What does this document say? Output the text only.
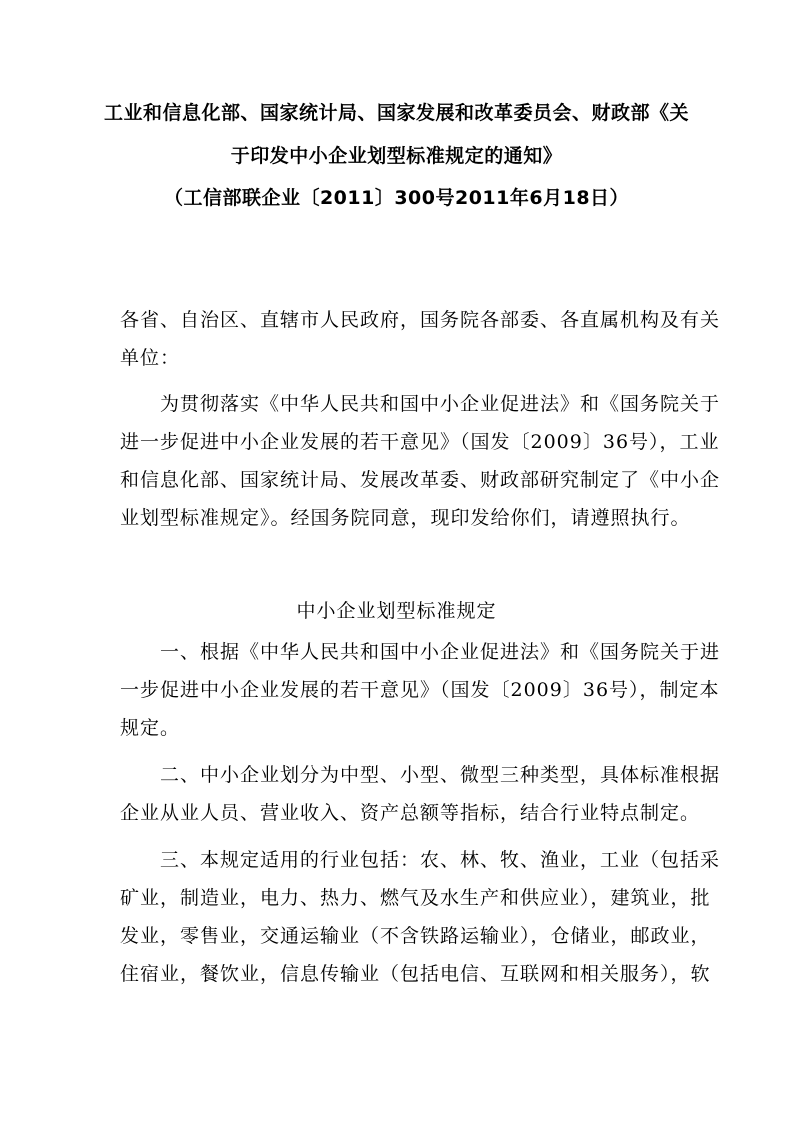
工业和信息化部、国家统计局、国家发展和改革委员会、财政部《关
于印发中小企业划型标准规定的通知》
（工信部联企业〔2011〕300号2011年6月18日）
各省、自治区、直辖市人民政府，国务院各部委、各直属机构及有关
单位：
　　为贯彻落实《中华人民共和国中小企业促进法》和《国务院关于
进一步促进中小企业发展的若干意见》（国发〔2009〕36号），工业
和信息化部、国家统计局、发展改革委、财政部研究制定了《中小企
业划型标准规定》。经国务院同意，现印发给你们，请遵照执行。
中小企业划型标准规定
　　一、根据《中华人民共和国中小企业促进法》和《国务院关于进
一步促进中小企业发展的若干意见》（国发〔2009〕36号），制定本
规定。
　　二、中小企业划分为中型、小型、微型三种类型，具体标准根据
企业从业人员、营业收入、资产总额等指标，结合行业特点制定。
　　三、本规定适用的行业包括：农、林、牧、渔业，工业（包括采
矿业，制造业，电力、热力、燃气及水生产和供应业），建筑业，批
发业，零售业，交通运输业（不含铁路运输业），仓储业，邮政业，
住宿业，餐饮业，信息传输业（包括电信、互联网和相关服务），软
